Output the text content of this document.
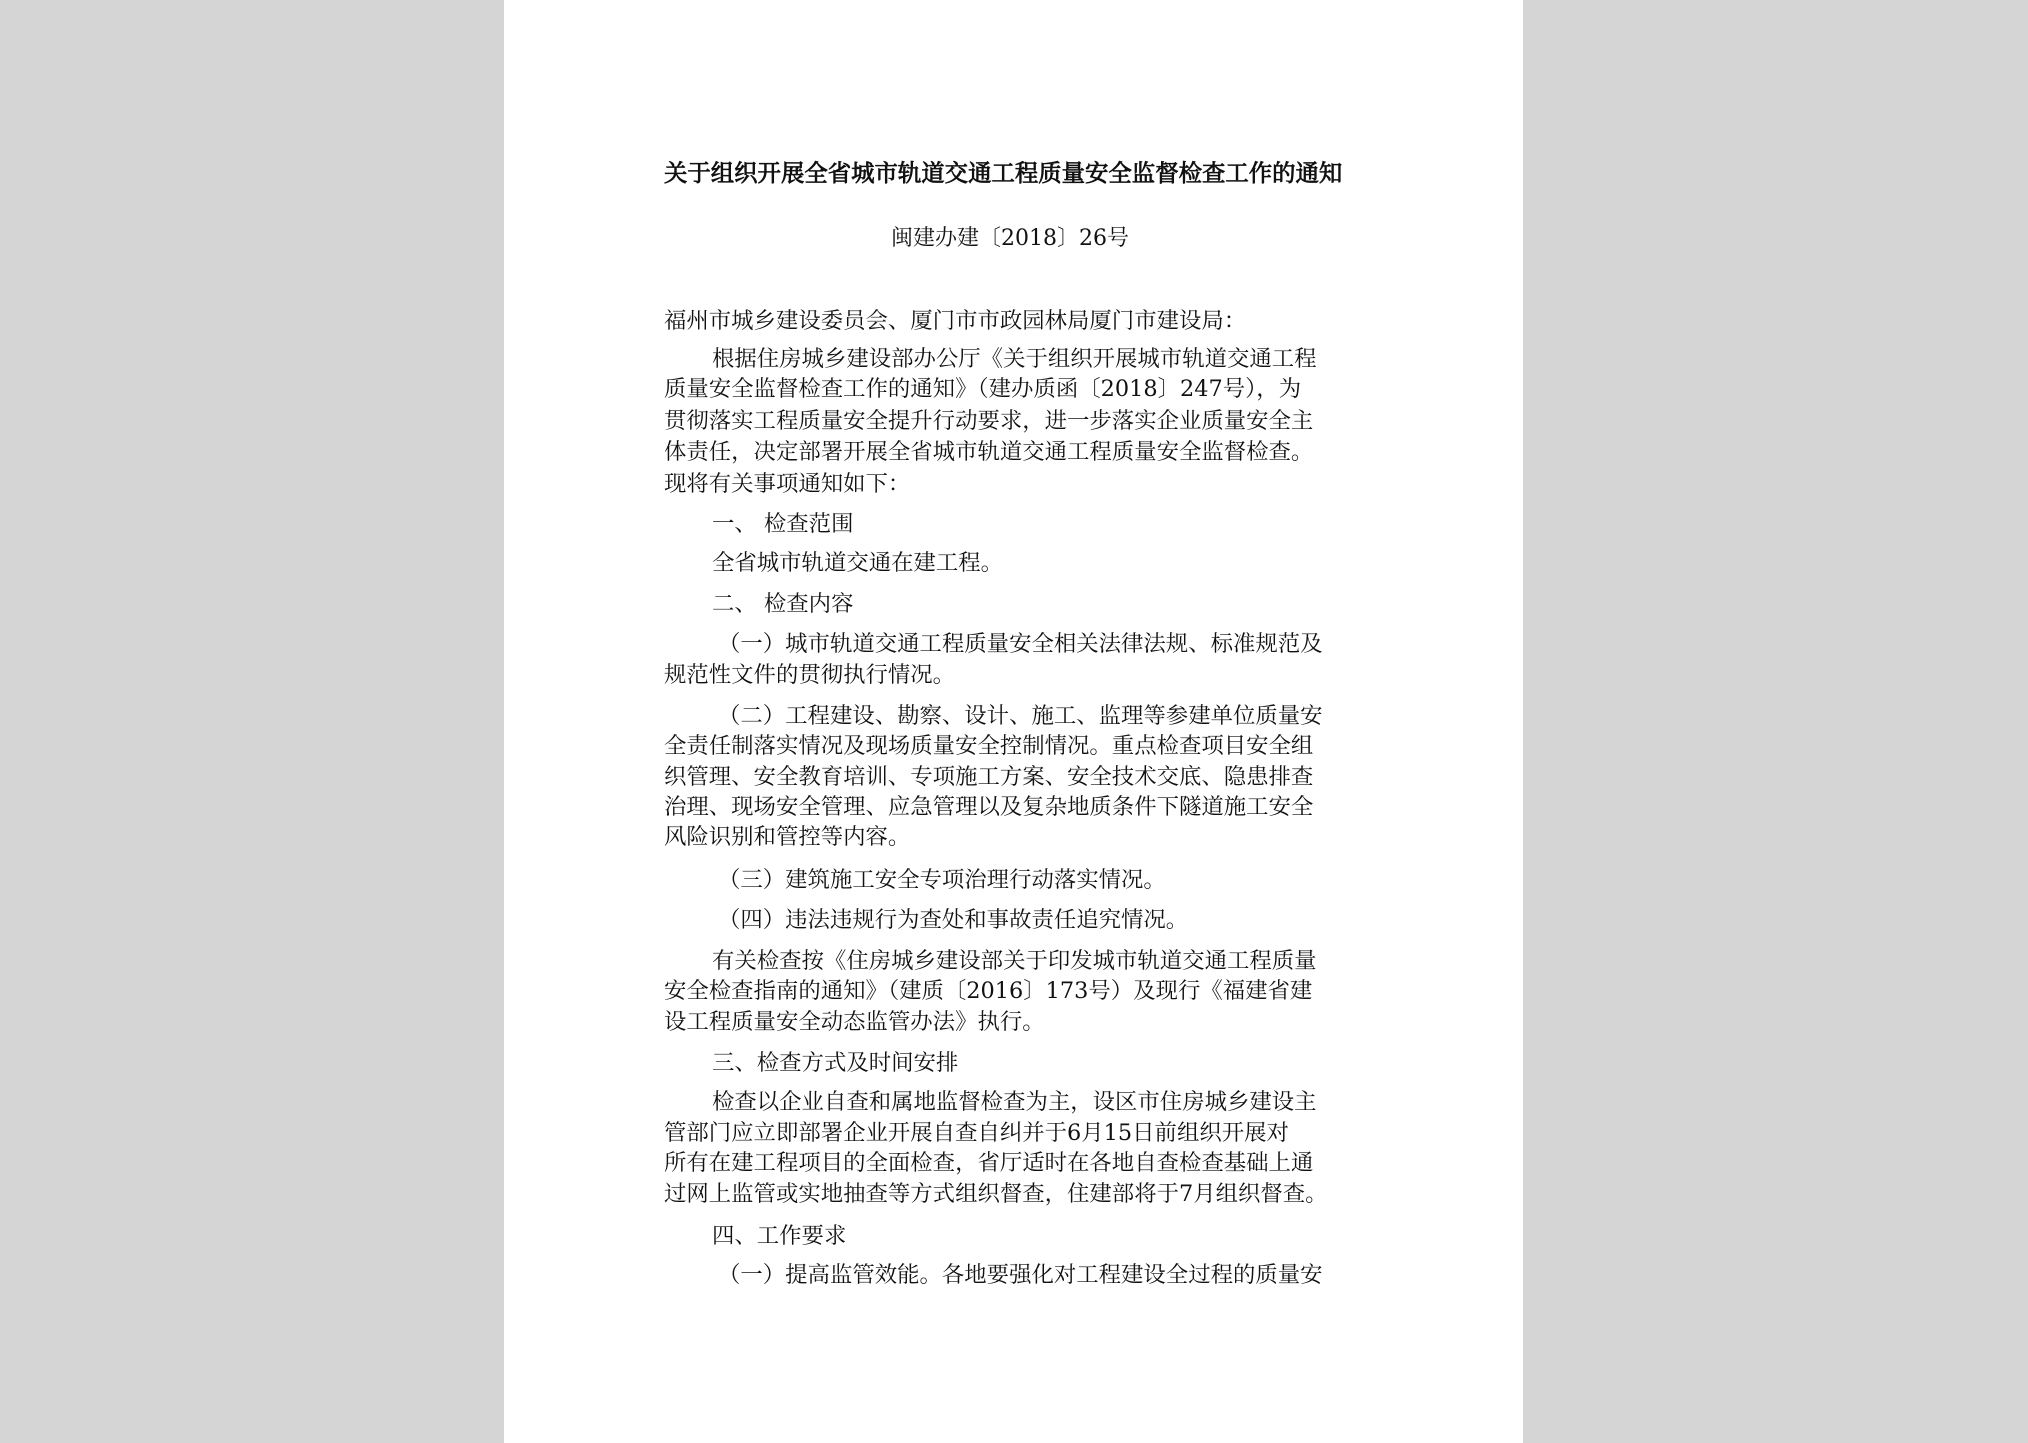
关于组织开展全省城市轨道交通工程质量安全监督检查工作的通知
闽建办建〔2018〕26号
福州市城乡建设委员会、厦门市市政园林局厦门市建设局：
根据住房城乡建设部办公厅《关于组织开展城市轨道交通工程
质量安全监督检查工作的通知》（建办质函〔2018〕247号），为
贯彻落实工程质量安全提升行动要求，进一步落实企业质量安全主
体责任，决定部署开展全省城市轨道交通工程质量安全监督检查。
现将有关事项通知如下：
一、 检查范围
全省城市轨道交通在建工程。
二、 检查内容
（一）城市轨道交通工程质量安全相关法律法规、标准规范及
规范性文件的贯彻执行情况。
（二）工程建设、勘察、设计、施工、监理等参建单位质量安
全责任制落实情况及现场质量安全控制情况。重点检查项目安全组
织管理、安全教育培训、专项施工方案、安全技术交底、隐患排查
治理、现场安全管理、应急管理以及复杂地质条件下隧道施工安全
风险识别和管控等内容。
（三）建筑施工安全专项治理行动落实情况。
（四）违法违规行为查处和事故责任追究情况。
有关检查按《住房城乡建设部关于印发城市轨道交通工程质量
安全检查指南的通知》（建质〔2016〕173号）及现行《福建省建
设工程质量安全动态监管办法》执行。
三、检查方式及时间安排
检查以企业自查和属地监督检查为主，设区市住房城乡建设主
管部门应立即部署企业开展自查自纠并于6月15日前组织开展对
所有在建工程项目的全面检查，省厅适时在各地自查检查基础上通
过网上监管或实地抽查等方式组织督查，住建部将于7月组织督查。
四、工作要求
（一）提高监管效能。各地要强化对工程建设全过程的质量安
